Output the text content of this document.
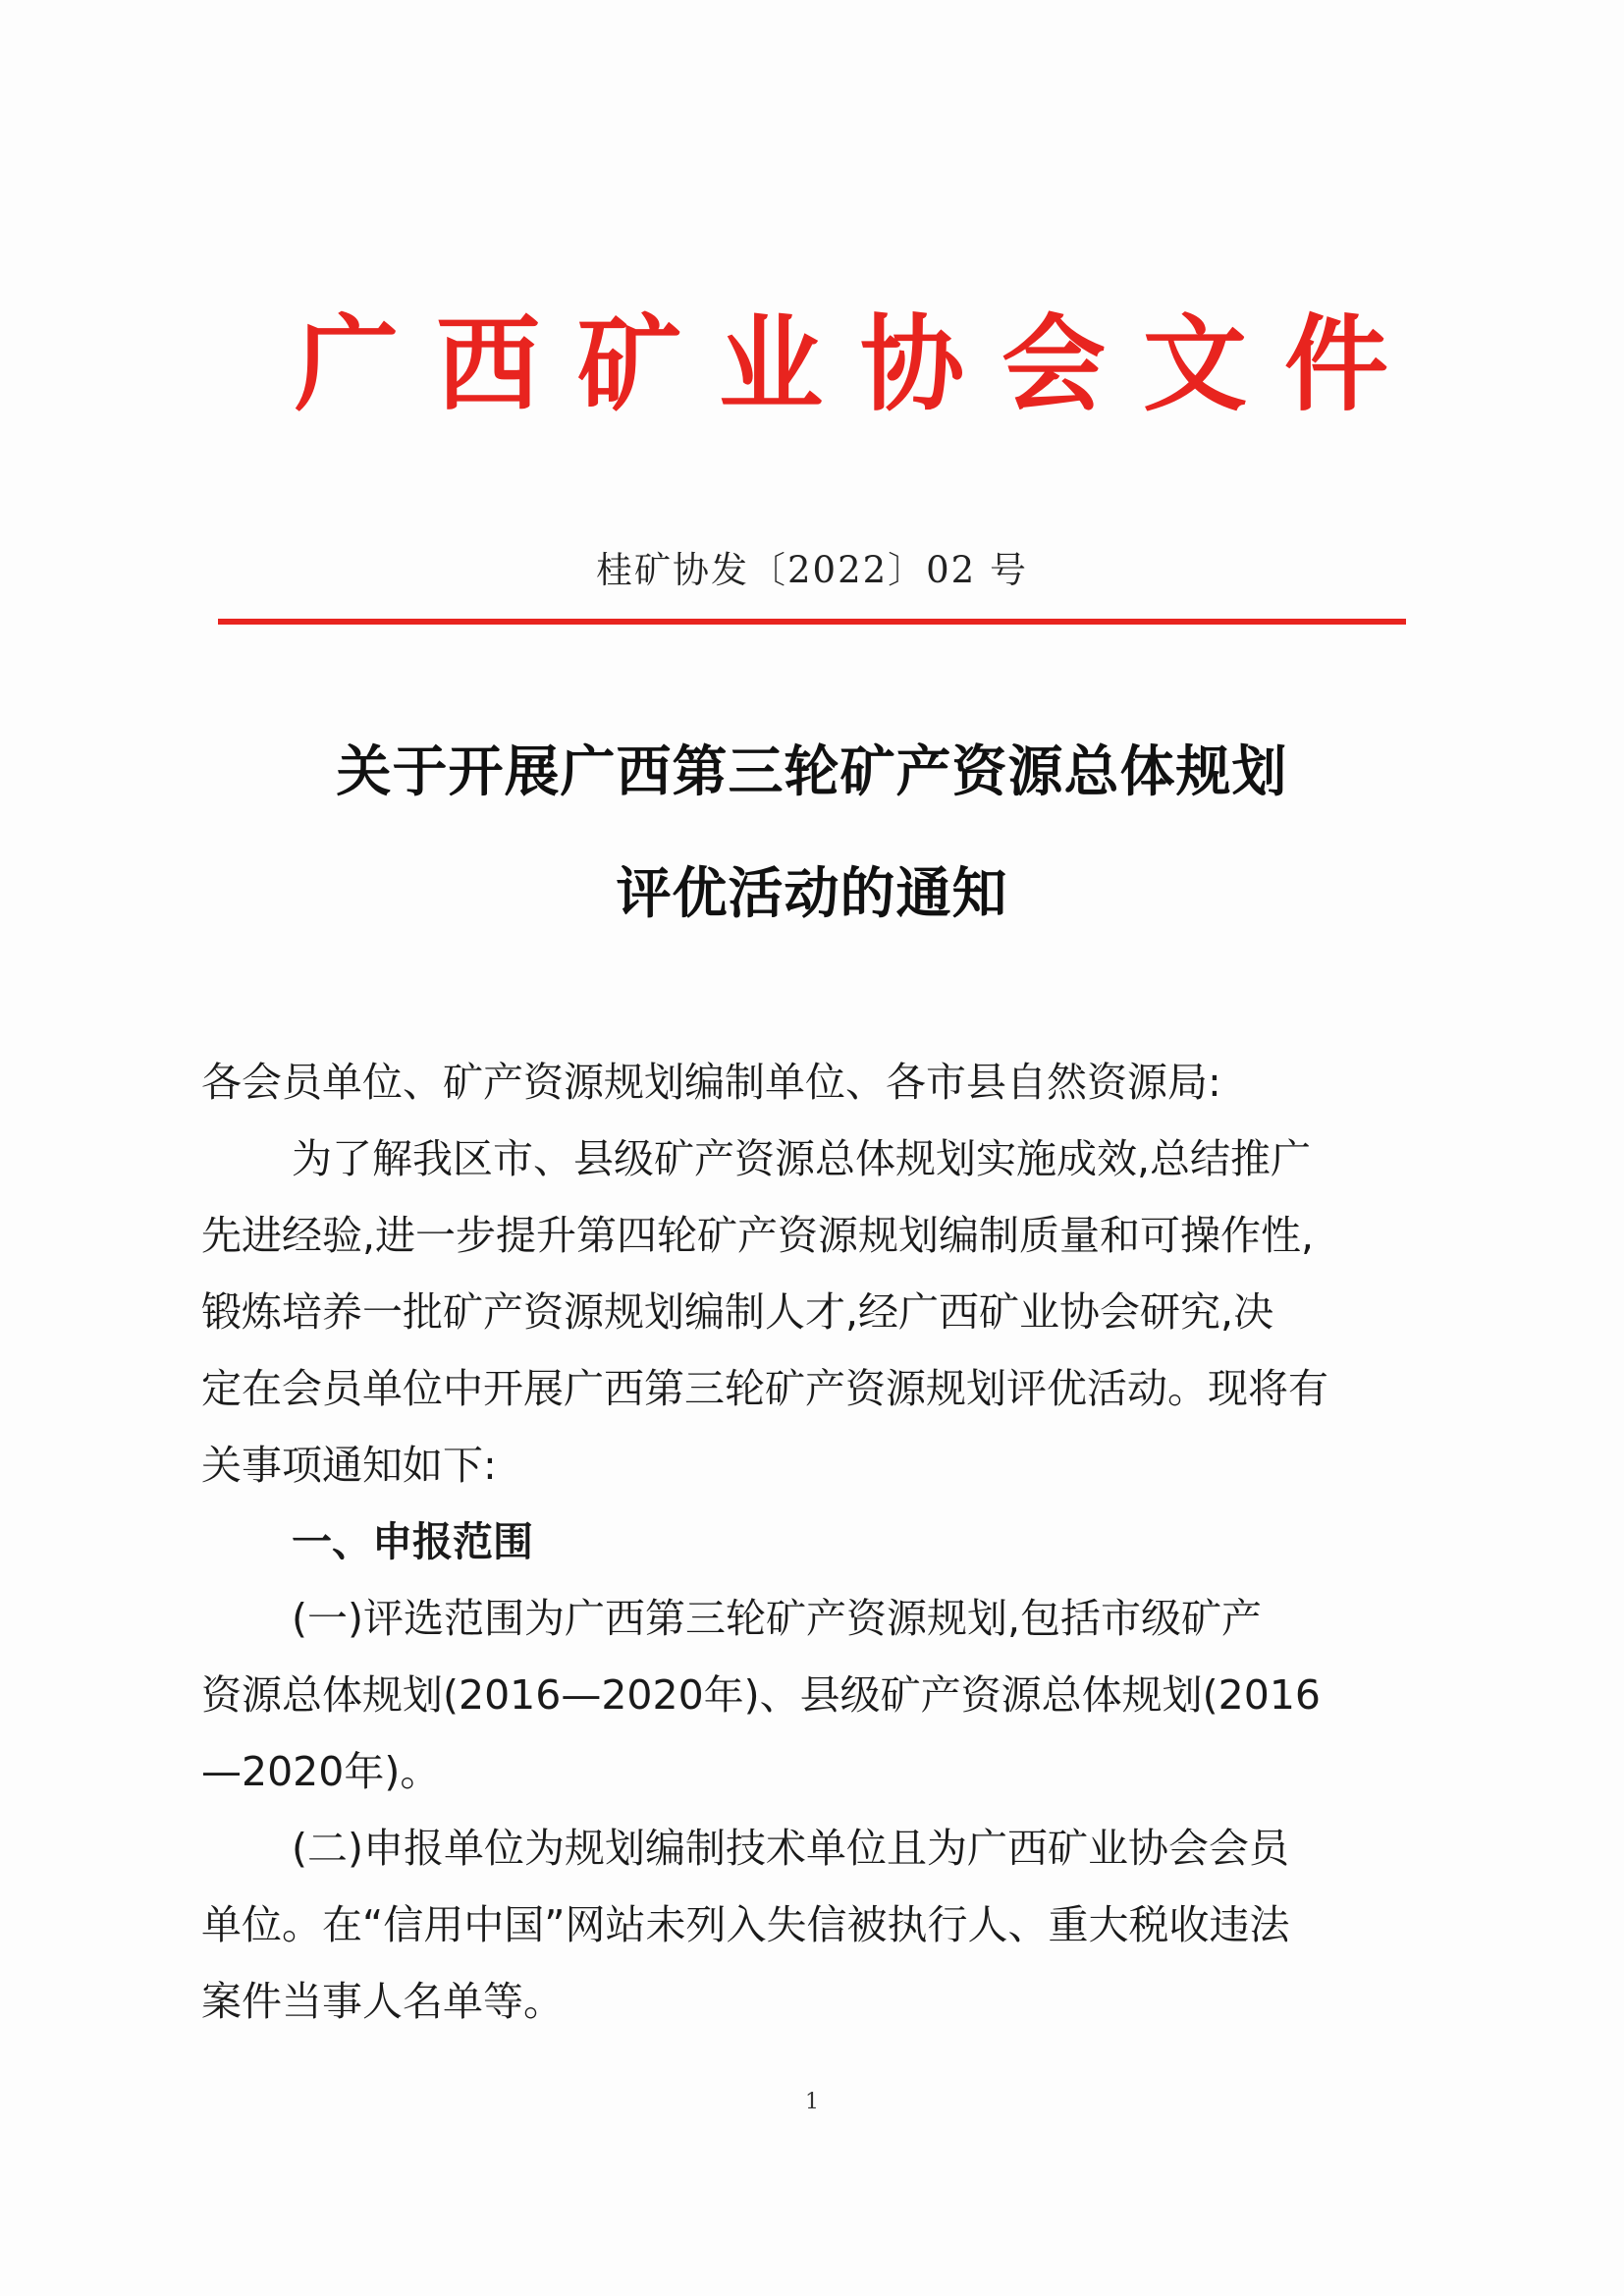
广西矿业协会文件
桂矿协发〔2022〕02 号
关于开展广西第三轮矿产资源总体规划
评优活动的通知
各会员单位、矿产资源规划编制单位、各市县自然资源局:
为了解我区市、县级矿产资源总体规划实施成效,总结推广
先进经验,进一步提升第四轮矿产资源规划编制质量和可操作性,
锻炼培养一批矿产资源规划编制人才,经广西矿业协会研究,决
定在会员单位中开展广西第三轮矿产资源规划评优活动。现将有
关事项通知如下:
一、申报范围
(一)评选范围为广西第三轮矿产资源规划,包括市级矿产
资源总体规划(2016—2020年)、县级矿产资源总体规划(2016
—2020年)。
(二)申报单位为规划编制技术单位且为广西矿业协会会员
单位。在“信用中国”网站未列入失信被执行人、重大税收违法
案件当事人名单等。
1
